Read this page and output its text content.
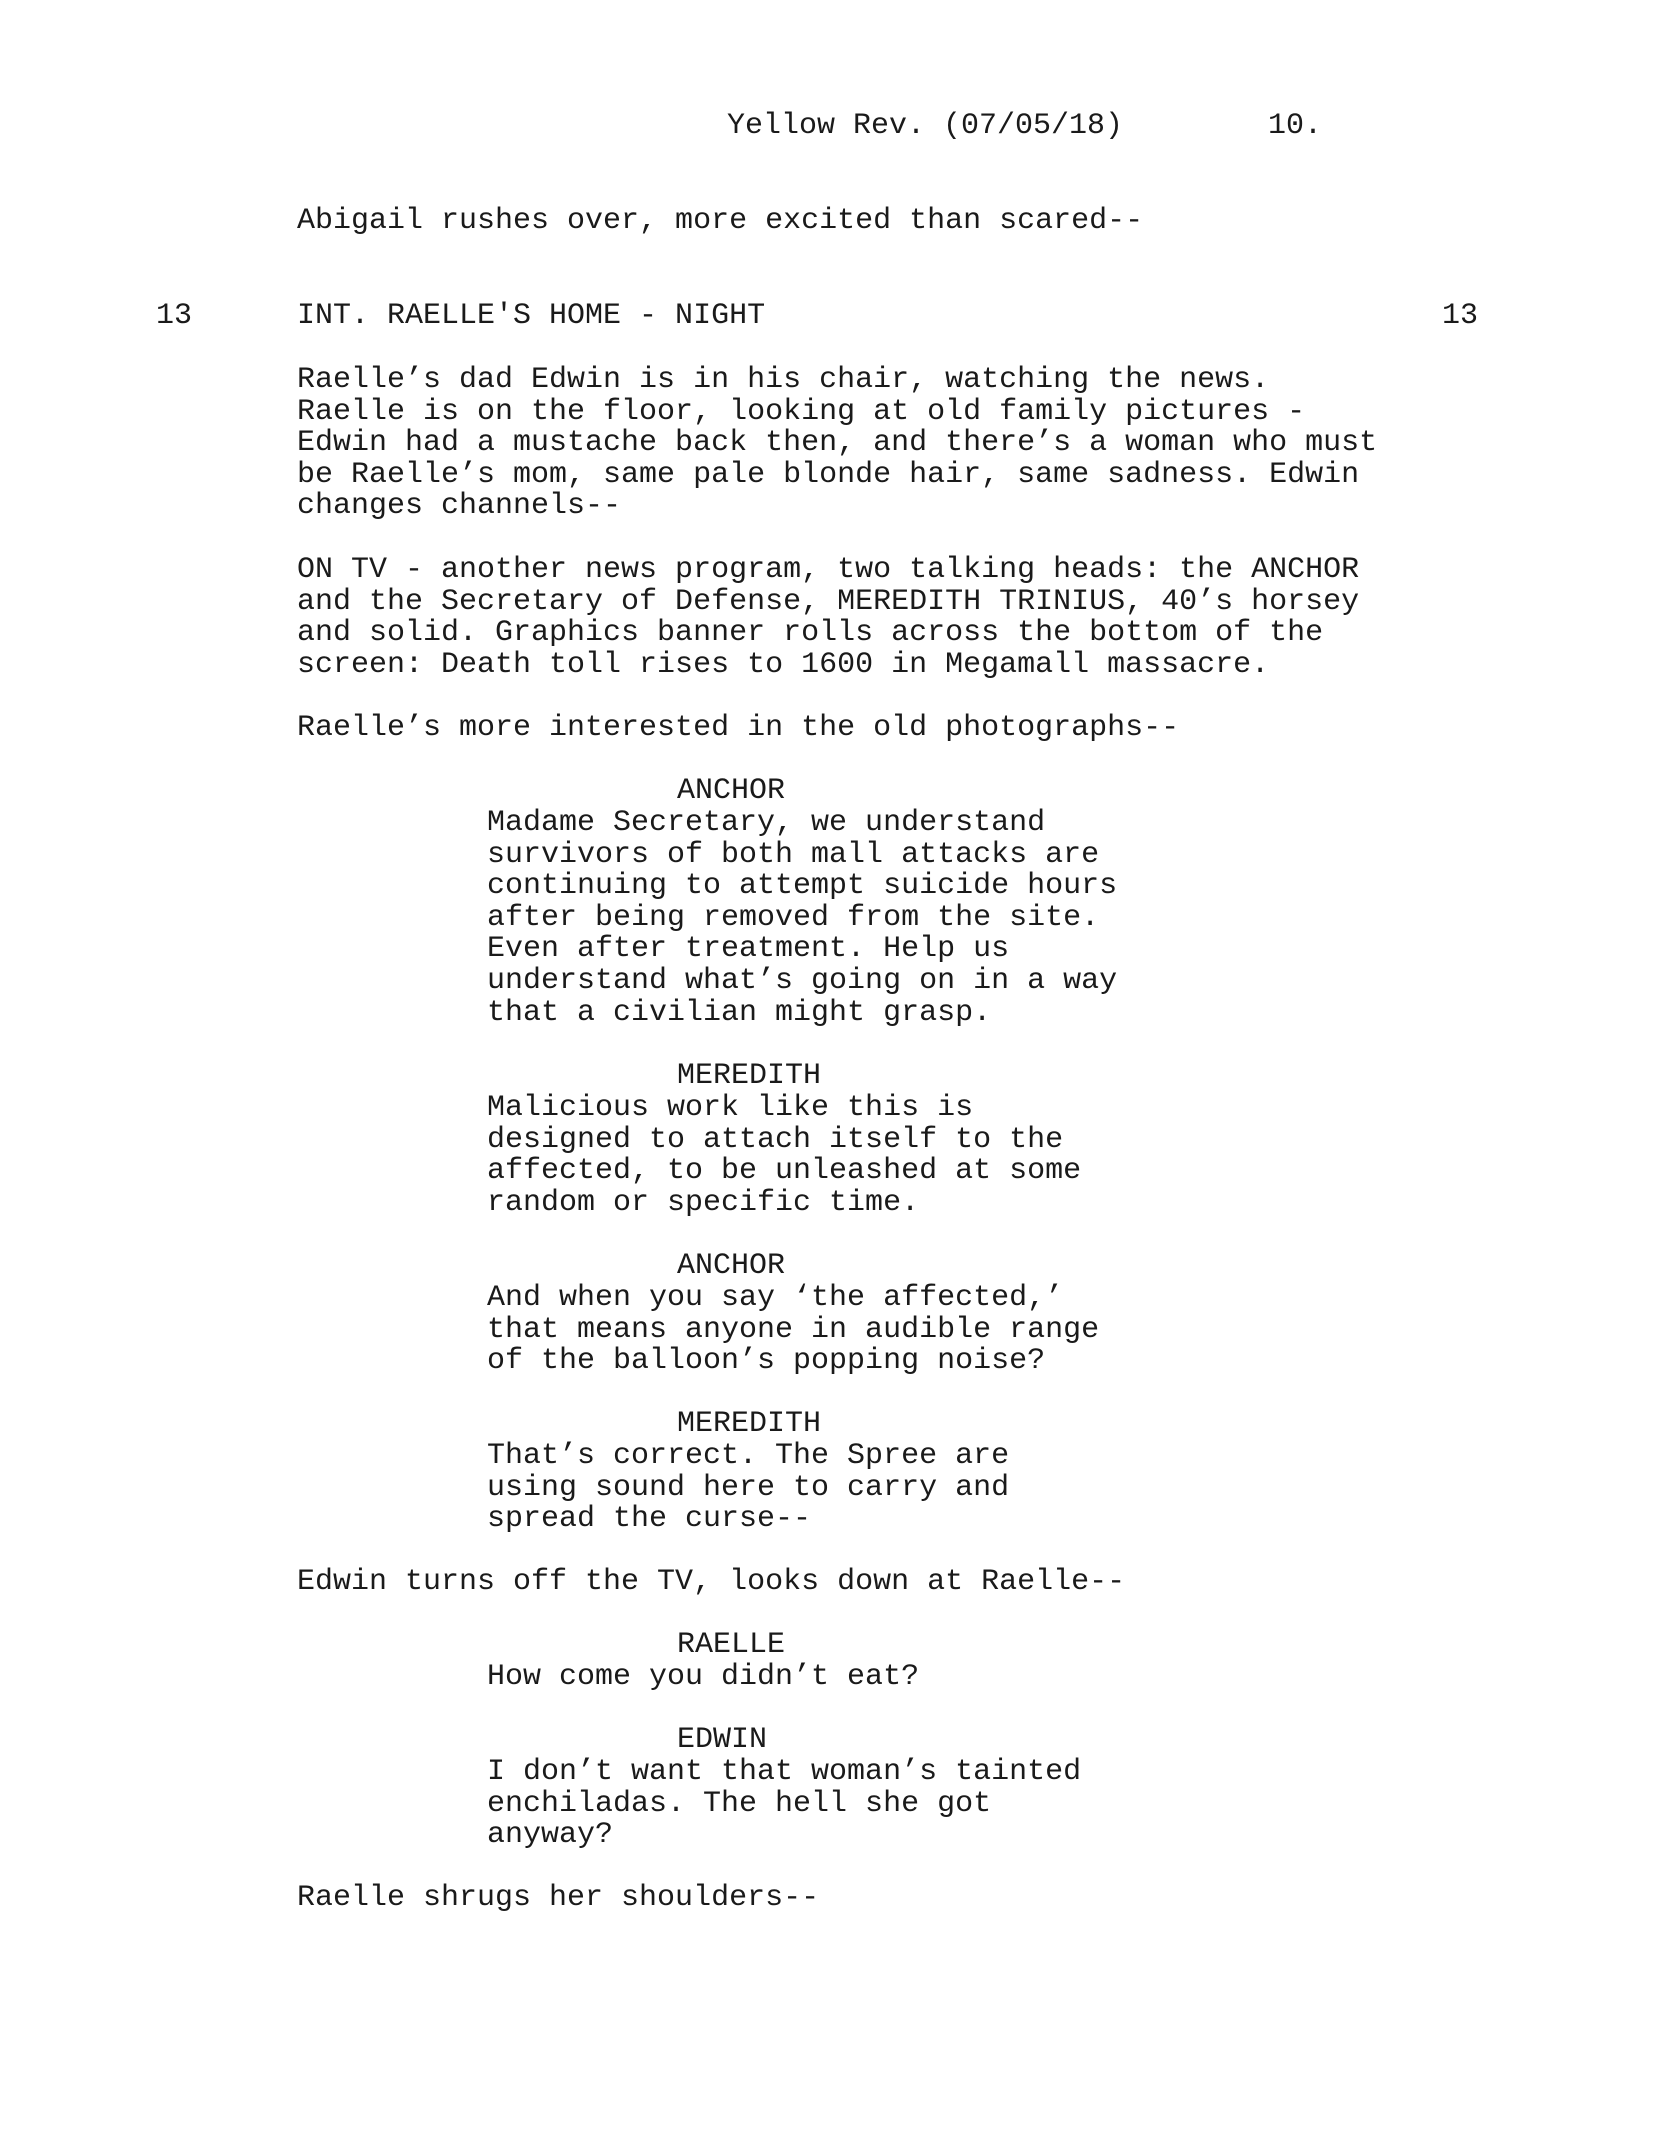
Yellow Rev. (07/05/18)	10.
Abigail rushes over, more excited than scared--
13	INT. RAELLE'S HOME - NIGHT	13
Raelle’s dad Edwin is in his chair, watching the news.
Raelle is on the floor, looking at old family pictures -
Edwin had a mustache back then, and there’s a woman who must
be Raelle’s mom, same pale blonde hair, same sadness. Edwin
changes channels--
ON TV - another news program, two talking heads: the ANCHOR
and the Secretary of Defense, MEREDITH TRINIUS, 40’s horsey
and solid. Graphics banner rolls across the bottom of the
screen: Death toll rises to 1600 in Megamall massacre.
Raelle’s more interested in the old photographs--
ANCHOR
Madame Secretary, we understand
survivors of both mall attacks are
continuing to attempt suicide hours
after being removed from the site.
Even after treatment. Help us
understand what’s going on in a way
that a civilian might grasp.
MEREDITH
Malicious work like this is
designed to attach itself to the
affected, to be unleashed at some
random or specific time.
ANCHOR
And when you say ‘the affected,’
that means anyone in audible range
of the balloon’s popping noise?
MEREDITH
That’s correct. The Spree are
using sound here to carry and
spread the curse--
Edwin turns off the TV, looks down at Raelle--
RAELLE
How come you didn’t eat?
EDWIN
I don’t want that woman’s tainted
enchiladas. The hell she got
anyway?
Raelle shrugs her shoulders--
